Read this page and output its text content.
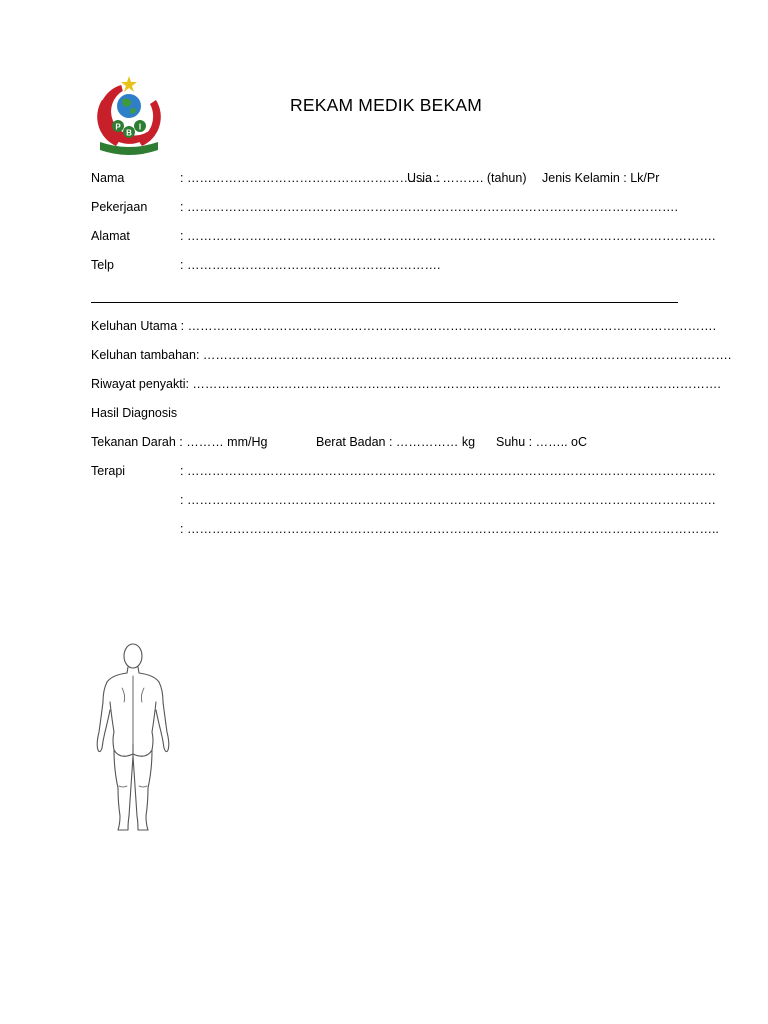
P
B
I
REKAM MEDIK BEKAM
Nama	: …………………………………………………….
Usia : ………. (tahun) Jenis Kelamin : Lk/Pr
Pekerjaan	: ……………………………………………………………………………………………………….
Alamat	: ……………………………………………………………………………………………………………….
Telp	: …………………………………………………….
Keluhan Utama : ……………………………………………………………………………………………………………….
Keluhan tambahan: ……………………………………………………………………………………………………………….
Riwayat penyakti: ……………………………………………………………………………………………………………….
Hasil Diagnosis
Tekanan Darah : ……… mm/Hg	Berat Badan : …………… kg Suhu : …….. oC
Terapi	: ……………………………………………………………………………………………………………….
: ……………………………………………………………………………………………………………….
: ………………………………………………………………………………………………………………..
